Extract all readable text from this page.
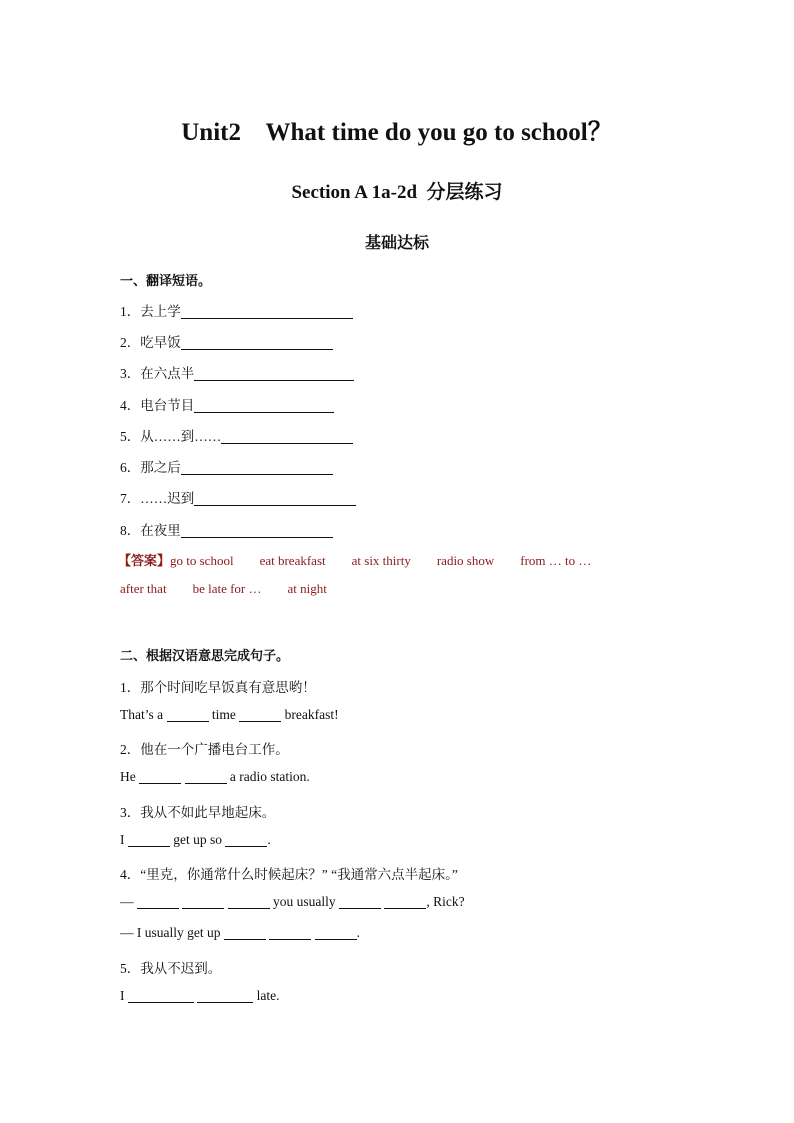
Unit2    What time do you go to school？
Section A 1a-2d  分层练习
基础达标
一、翻译短语。
1．去上学
2．吃早饭
3．在六点半
4．电台节目
5．从……到……
6．那之后
7．……迟到
8．在夜里
【答案】go to school eat breakfast at six thirty radio show from … to …
after that be late for … at night
二、根据汉语意思完成句子。
1．那个时间吃早饭真有意思哟！
That’s a	time	breakfast!
2．他在一个广播电台工作。
He	a radio station.
3．我从不如此早地起床。
I	get up so	.
4．“里克，你通常什么时候起床？” “我通常六点半起床。”
—	you usually	, Rick?
— I usually get up	.
5．我从不迟到。
I	late.
